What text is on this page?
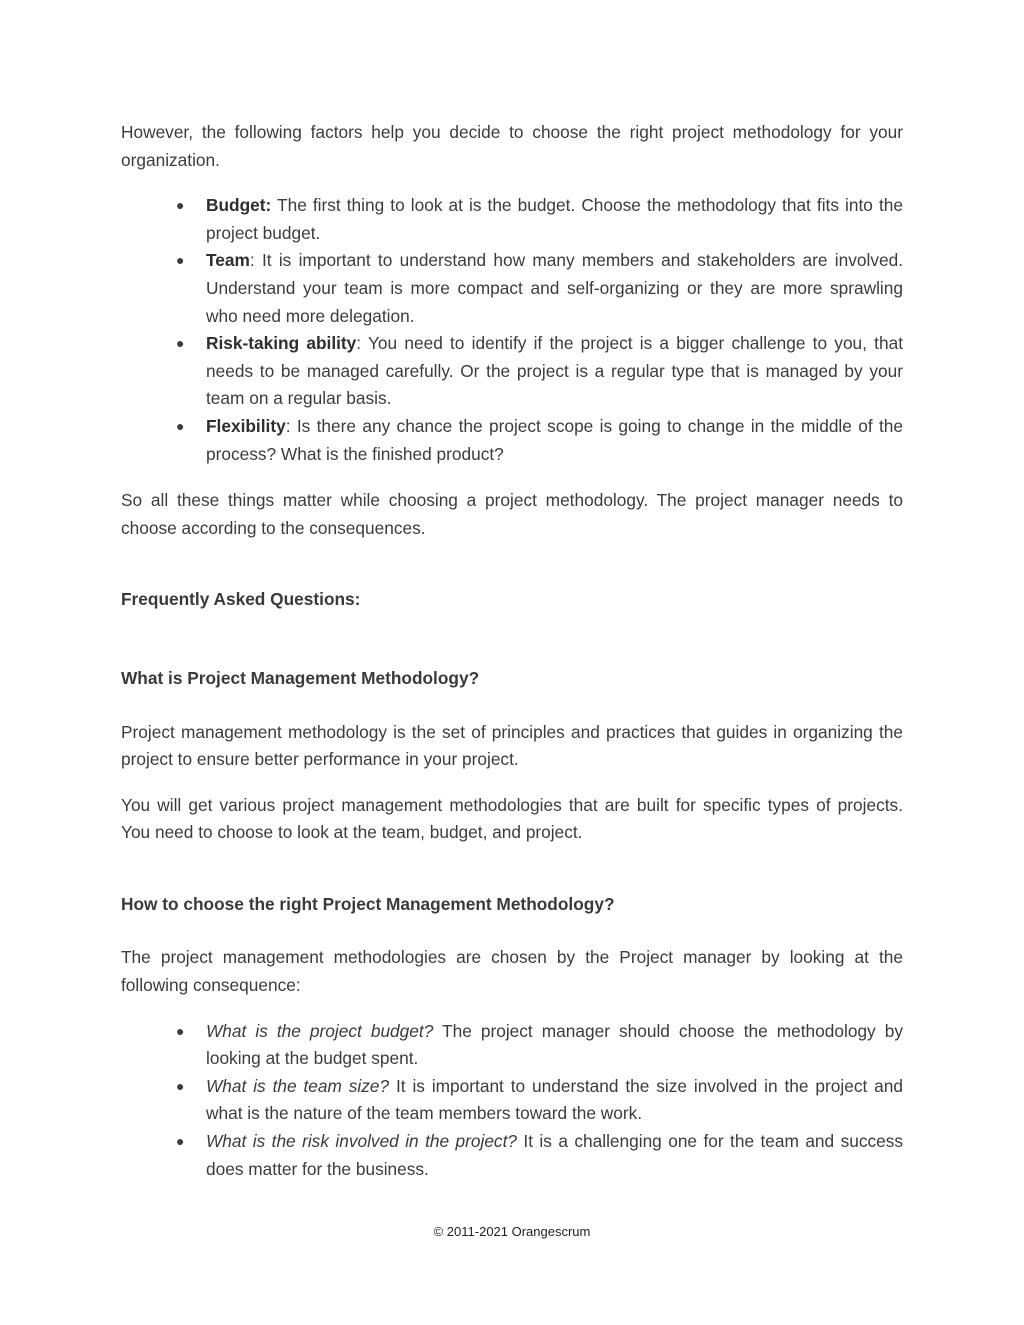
However, the following factors help you decide to choose the right project methodology for your organization.

● Budget: The first thing to look at is the budget. Choose the methodology that fits into the project budget.
● Team: It is important to understand how many members and stakeholders are involved. Understand your team is more compact and self-organizing or they are more sprawling who need more delegation.
● Risk-taking ability: You need to identify if the project is a bigger challenge to you, that needs to be managed carefully. Or the project is a regular type that is managed by your team on a regular basis.
● Flexibility: Is there any chance the project scope is going to change in the middle of the process? What is the finished product?

So all these things matter while choosing a project methodology. The project manager needs to choose according to the consequences.

Frequently Asked Questions:
What is Project Management Methodology?

Project management methodology is the set of principles and practices that guides in organizing the project to ensure better performance in your project.

You will get various project management methodologies that are built for specific types of projects. You need to choose to look at the team, budget, and project.

How to choose the right Project Management Methodology?

The project management methodologies are chosen by the Project manager by looking at the following consequence:

● What is the project budget? The project manager should choose the methodology by looking at the budget spent.
● What is the team size? It is important to understand the size involved in the project and what is the nature of the team members toward the work.
● What is the risk involved in the project? It is a challenging one for the team and success does matter for the business.
© 2011-2021 Orangescrum
